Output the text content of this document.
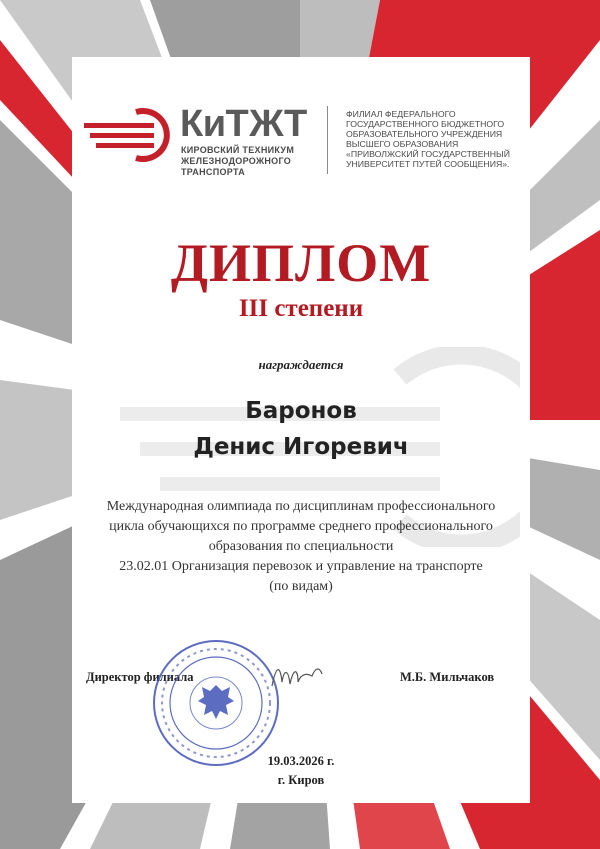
КиТЖТ
КИРОВСКИЙ ТЕХНИКУМ
ЖЕЛЕЗНОДОРОЖНОГО
ТРАНСПОРТА
ФИЛИАЛ ФЕДЕРАЛЬНОГО
ГОСУДАРСТВЕННОГО БЮДЖЕТНОГО
ОБРАЗОВАТЕЛЬНОГО УЧРЕЖДЕНИЯ
ВЫСШЕГО ОБРАЗОВАНИЯ
«ПРИВОЛЖСКИЙ ГОСУДАРСТВЕННЫЙ
УНИВЕРСИТЕТ ПУТЕЙ СООБЩЕНИЯ».
ДИПЛОМ
III степени
награждается
Баронов
Денис Игоревич
Международная олимпиада по дисциплинам профессионального
цикла обучающихся по программе среднего профессионального
образования по специальности
23.02.01 Организация перевозок и управление на транспорте
(по видам)
Директор филиала	М.Б. Мильчаков
19.03.2026 г.
г. Киров
